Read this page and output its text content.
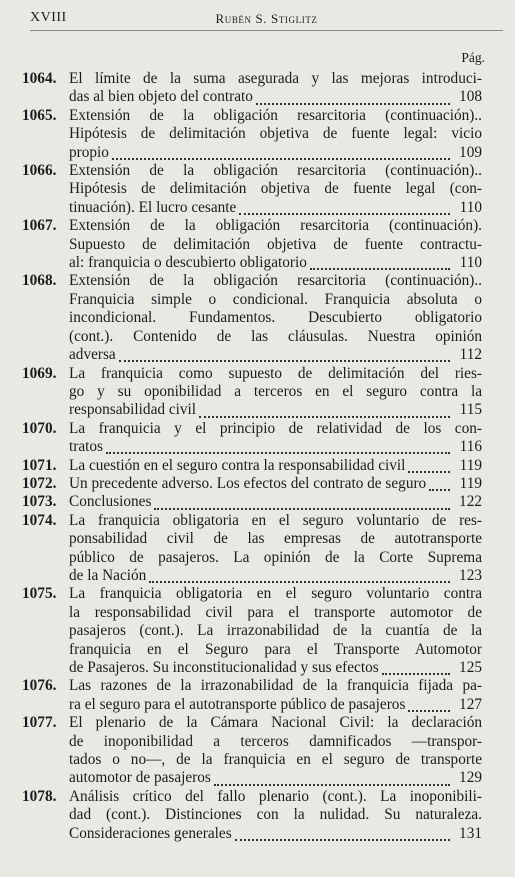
XVIII	Rubén S. Stiglitz
Pág.
1064. El límite de la suma asegurada y las mejoras introduci-
das al bien objeto del contrato	108
1065. Extensión de la obligación resarcitoria (continuación)..
Hipótesis de delimitación objetiva de fuente legal: vicio
propio	109
1066. Extensión de la obligación resarcitoria (continuación)..
Hipótesis de delimitación objetiva de fuente legal (con-
tinuación). El lucro cesante	110
1067. Extensión de la obligación resarcitoria (continuación).
Supuesto de delimitación objetiva de fuente contractu-
al: franquicia o descubierto obligatorio	110
1068. Extensión de la obligación resarcitoria (continuación)..
Franquicia simple o condicional. Franquicia absoluta o
incondicional. Fundamentos. Descubierto obligatorio
(cont.). Contenido de las cláusulas. Nuestra opinión
adversa	112
1069. La franquicia como supuesto de delimitación del ries-
go y su oponibilidad a terceros en el seguro contra la
responsabilidad civil	115
1070. La franquicia y el principio de relatividad de los con-
tratos	116
1071. La cuestión en el seguro contra la responsabilidad civil	119
1072. Un precedente adverso. Los efectos del contrato de seguro	119
1073. Conclusiones	122
1074. La franquicia obligatoria en el seguro voluntario de res-
ponsabilidad civil de las empresas de autotransporte
público de pasajeros. La opinión de la Corte Suprema
de la Nación	123
1075. La franquicia obligatoria en el seguro voluntario contra
la responsabilidad civil para el transporte automotor de
pasajeros (cont.). La irrazonabilidad de la cuantía de la
franquicia en el Seguro para el Transporte Automotor
de Pasajeros. Su inconstitucionalidad y sus efectos	125
1076. Las razones de la irrazonabilidad de la franquicia fijada pa-
ra el seguro para el autotransporte público de pasajeros	127
1077. El plenario de la Cámara Nacional Civil: la declaración
de inoponibilidad a terceros damnificados —transpor-
tados o no—, de la franquicia en el seguro de transporte
automotor de pasajeros	129
1078. Análisis crítico del fallo plenario (cont.). La inoponibili-
dad (cont.). Distinciones con la nulidad. Su naturaleza.
Consideraciones generales	131
